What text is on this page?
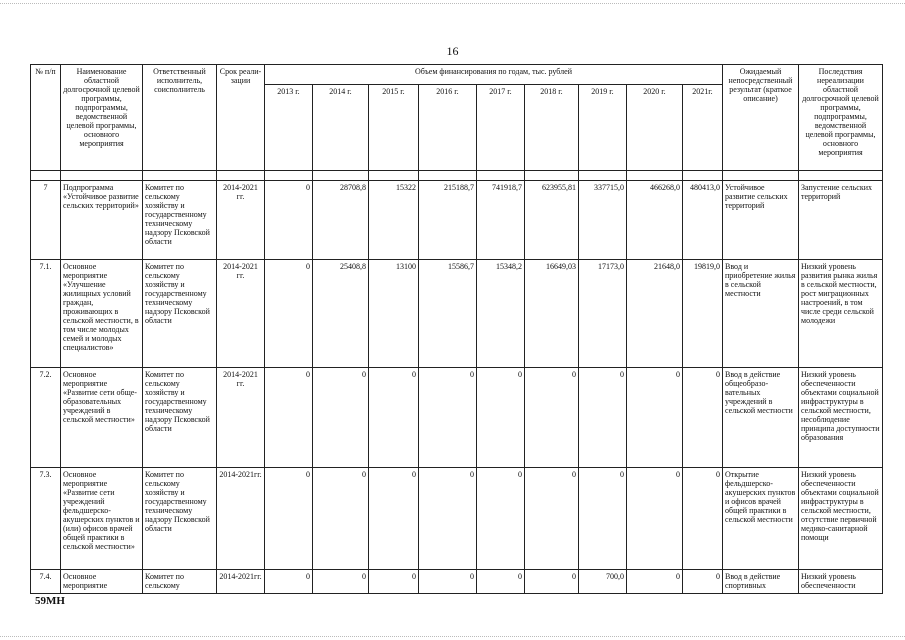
16
№ п/п	Наименование областной долгосрочной целевой программы, подпрограммы, ведомственной целевой программы, основного мероприятия	Ответственный исполнитель, соисполнитель	Срок реали-зации	Объем финансирования по годам, тыс. рублей									Ожидаемый непосредственный результат (краткое описание)	Последствия нереализации областной долгосрочной целевой программы, подпрограммы, ведомственной целевой программы, основного мероприятия
				2013 г.	2014 г.	2015 г.	2016 г.	2017 г.	2018 г.	2019 г.	2020 г.	2021г.		

7	Подпрограмма «Устойчивое развитие сельских территорий»	Комитет по сельскому хозяйству и государственному техническому надзору Псковской области	2014-2021 гг.	0	28708,8	15322	215188,7	741918,7	623955,81	337715,0	466268,0	480413,0	Устойчивое развитие сельских территорий	Запустение сельских территорий
7.1.	Основное мероприятие «Улучшение жилищных условий граждан, проживающих в сельской местности, в том числе молодых семей и молодых специалистов»	Комитет по сельскому хозяйству и государственному техническому надзору Псковской области	2014-2021 гг.	0	25408,8	13100	15586,7	15348,2	16649,03	17173,0	21648,0	19819,0	Ввод и приобретение жилья в сельской местности	Низкий уровень развития рынка жилья в сельской местности, рост миграционных настроений, в том числе среди сельской молодежи
7.2.	Основное мероприятие «Развитие сети обще-образовательных учреждений в сельской местности»	Комитет по сельскому хозяйству и государственному техническому надзору Псковской области	2014-2021 гг.	0	0	0	0	0	0	0	0	0	Ввод в действие общеобразо-вательных учреждений в сельской местности	Низкий уровень обеспеченности объектами социальной инфраструктуры в сельской местности, несоблюдение принципа доступности образования
7.3.	Основное мероприятие «Развитие сети учреждений фельдшерско-акушерских пунктов и (или) офисов врачей общей практики в сельской местности»	Комитет по сельскому хозяйству и государственному техническому надзору Псковской области	2014-2021гг.	0	0	0	0	0	0	0	0	0	Открытие фельдшерско-акушерских пунктов и офисов врачей общей практики в сельской местности	Низкий уровень обеспеченности объектами социальной инфраструктуры в сельской местности, отсутствие первичной медико-санитарной помощи
7.4.	Основное мероприятие	Комитет по сельскому	2014-2021гг.	0	0	0	0	0	0	700,0	0	0	Ввод в действие спортивных	Низкий уровень обеспеченности
59МН
